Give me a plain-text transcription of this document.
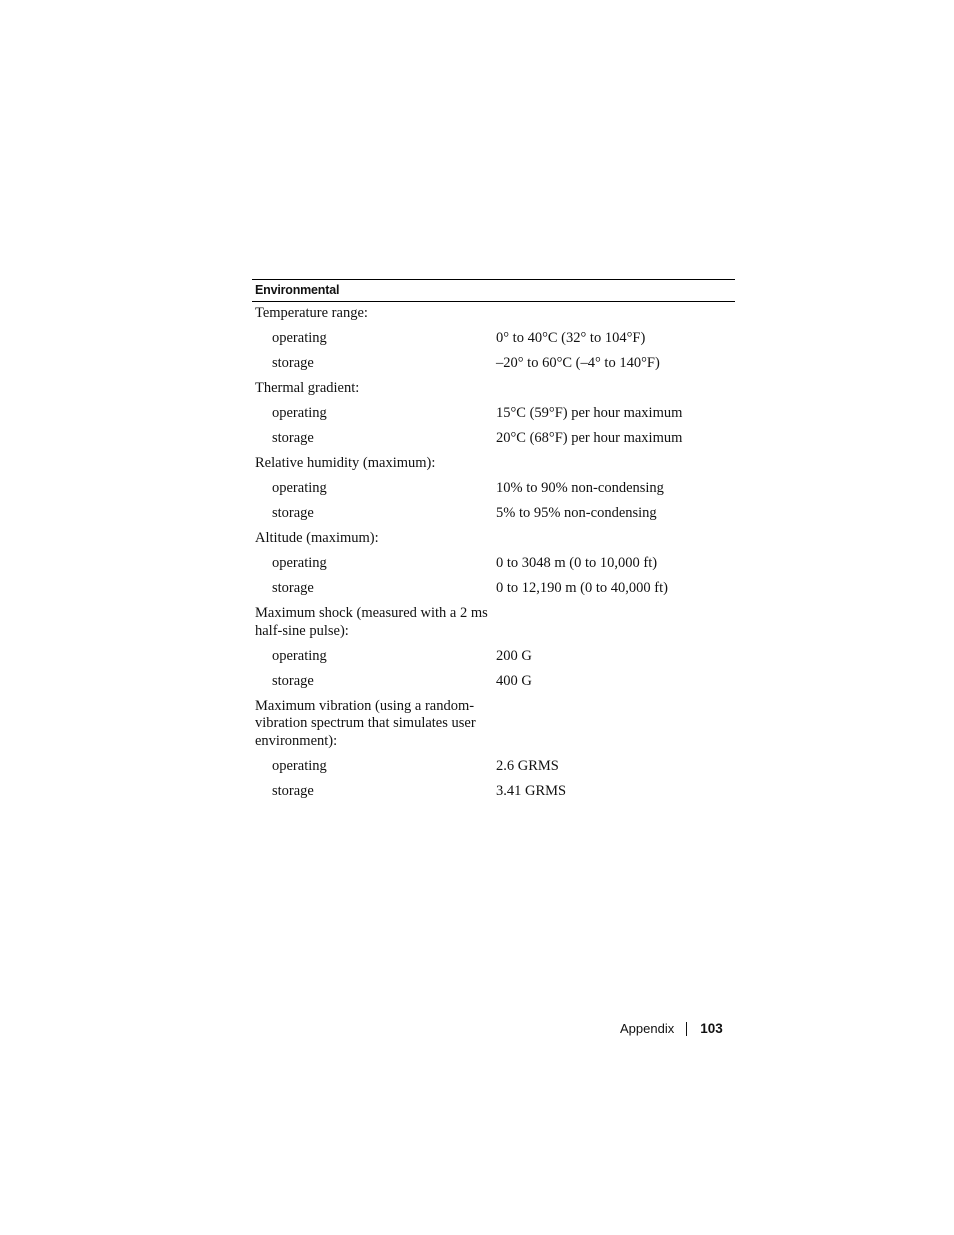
Environmental
Temperature range:
operating	0° to 40°C (32° to 104°F)
storage	–20° to 60°C (–4° to 140°F)
Thermal gradient:
operating	15°C (59°F) per hour maximum
storage	20°C (68°F) per hour maximum
Relative humidity (maximum):
operating	10% to 90% non-condensing
storage	5% to 95% non-condensing
Altitude (maximum):
operating	0 to 3048 m (0 to 10,000 ft)
storage	0 to 12,190 m (0 to 40,000 ft)
Maximum shock (measured with a 2 ms half-sine pulse):
operating	200 G
storage	400 G
Maximum vibration (using a random-vibration spectrum that simulates user environment):
operating	2.6 GRMS
storage	3.41 GRMS
Appendix 103
